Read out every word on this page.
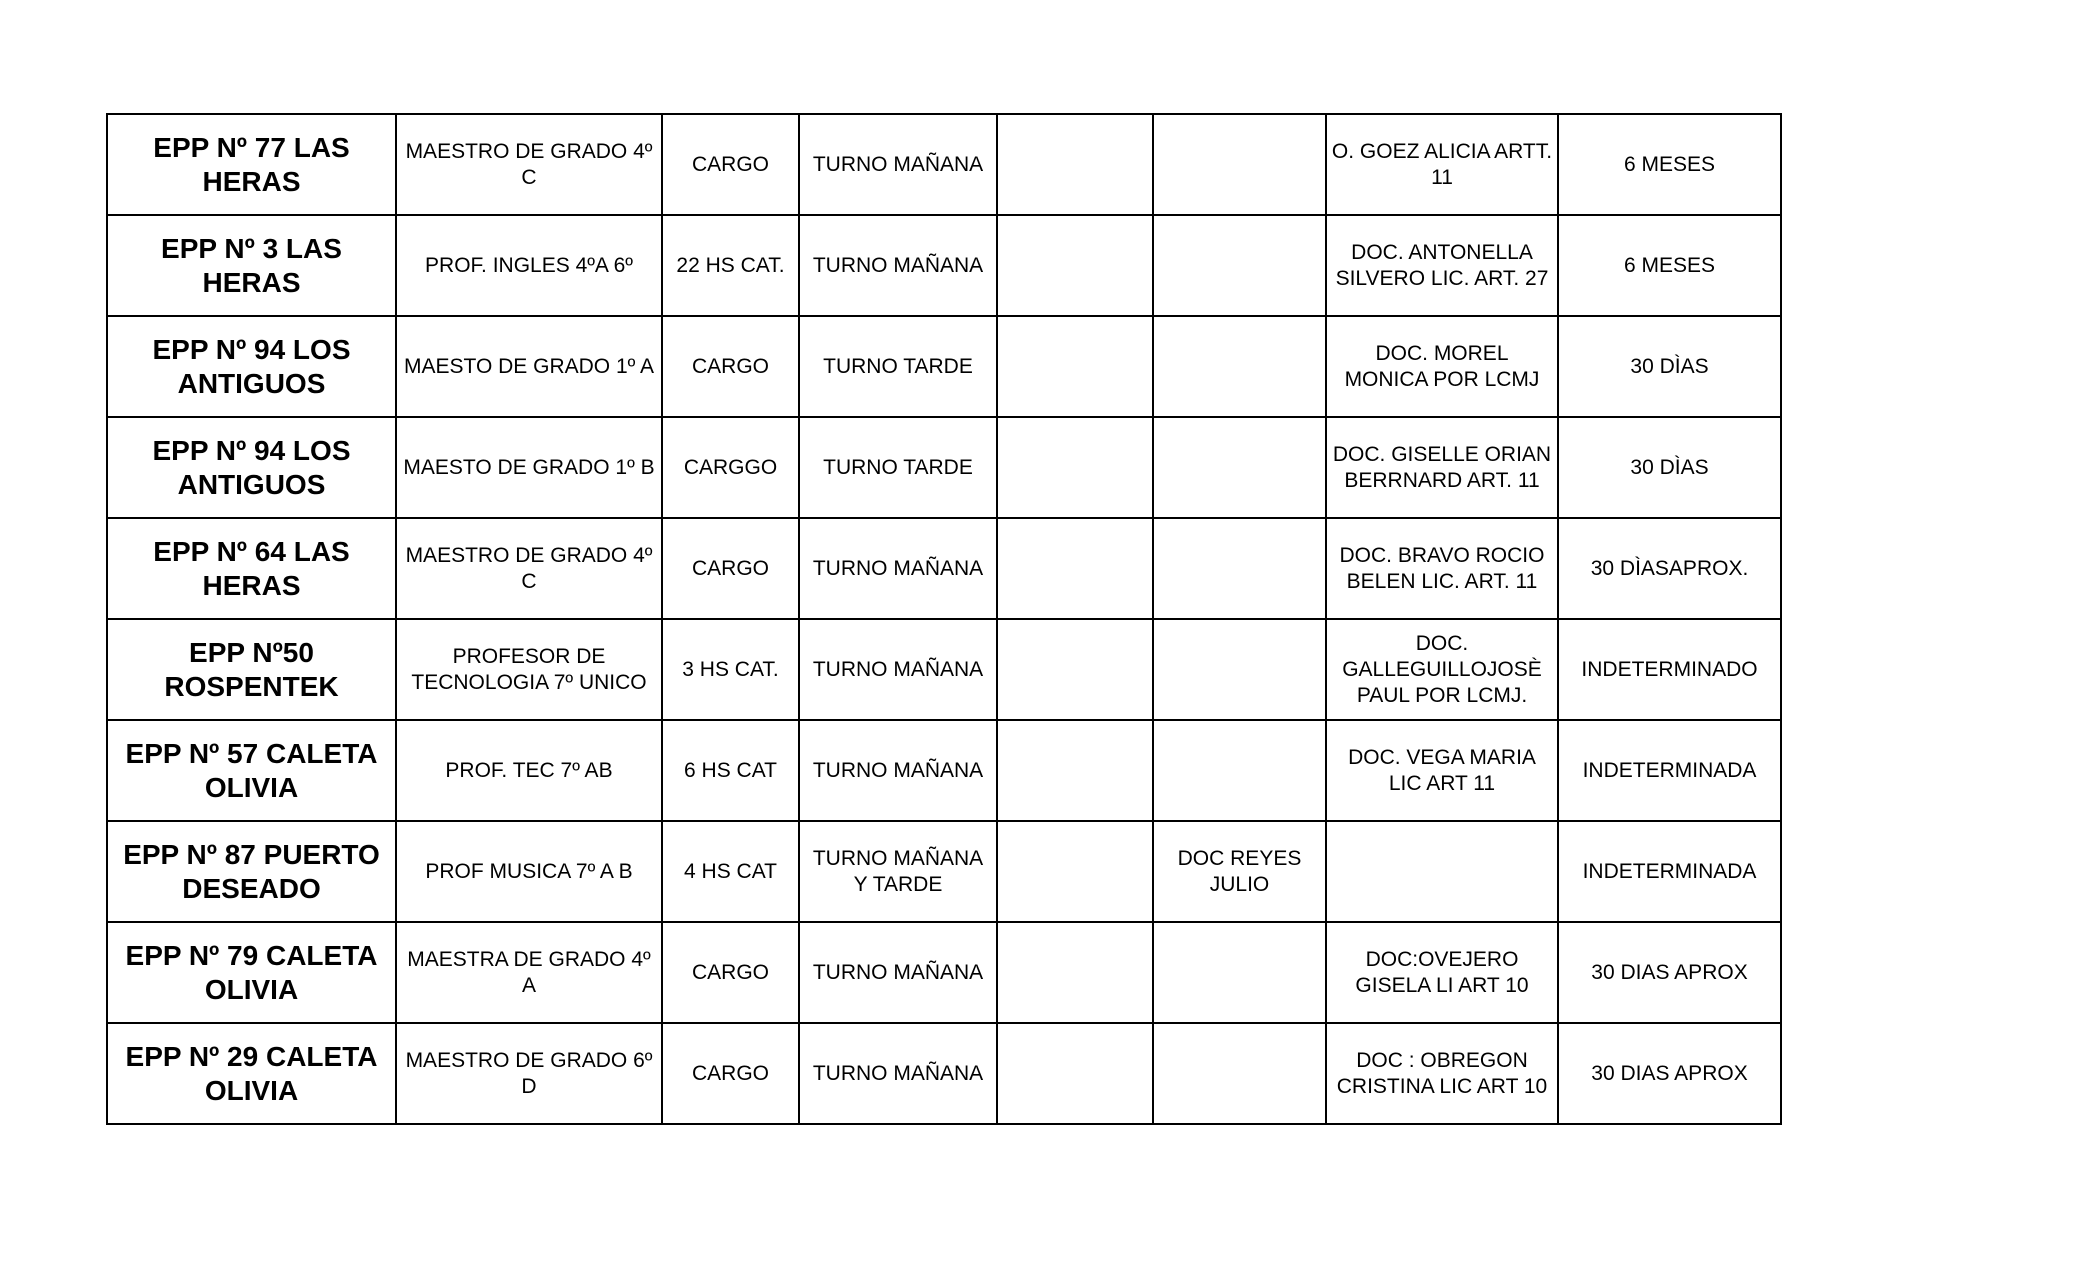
EPP Nº 77 LAS HERAS	MAESTRO DE GRADO 4º C	CARGO	TURNO MAÑANA			O. GOEZ ALICIA ARTT. 11	6 MESES
EPP Nº 3 LAS HERAS	PROF. INGLES 4ºA 6º	22 HS CAT.	TURNO MAÑANA			DOC. ANTONELLA SILVERO LIC. ART. 27	6 MESES
EPP Nº 94 LOS ANTIGUOS	MAESTO DE GRADO 1º A	CARGO	TURNO TARDE			DOC. MOREL MONICA POR LCMJ	30 DÌAS
EPP Nº 94 LOS ANTIGUOS	MAESTO DE GRADO 1º B	CARGGO	TURNO TARDE			DOC. GISELLE ORIAN BERRNARD ART. 11	30 DÌAS
EPP Nº 64 LAS HERAS	MAESTRO DE GRADO 4º C	CARGO	TURNO MAÑANA			DOC. BRAVO ROCIO BELEN LIC. ART. 11	30 DÌASAPROX.
EPP Nº50 ROSPENTEK	PROFESOR DE TECNOLOGIA 7º UNICO	3 HS CAT.	TURNO MAÑANA			DOC. GALLEGUILLOJOSÈ PAUL POR LCMJ.	INDETERMINADO
EPP Nº 57 CALETA OLIVIA	PROF. TEC 7º AB	6 HS CAT	TURNO MAÑANA			DOC. VEGA MARIA LIC ART 11	INDETERMINADA
EPP Nº 87 PUERTO DESEADO	PROF MUSICA 7º A B	4 HS CAT	TURNO MAÑANA Y TARDE		DOC REYES JULIO		INDETERMINADA
EPP Nº 79 CALETA OLIVIA	MAESTRA DE GRADO 4º A	CARGO	TURNO MAÑANA			DOC:OVEJERO GISELA LI ART 10	30 DIAS APROX
EPP Nº 29 CALETA OLIVIA	MAESTRO DE GRADO 6º D	CARGO	TURNO MAÑANA			DOC : OBREGON CRISTINA LIC ART 10	30 DIAS APROX
